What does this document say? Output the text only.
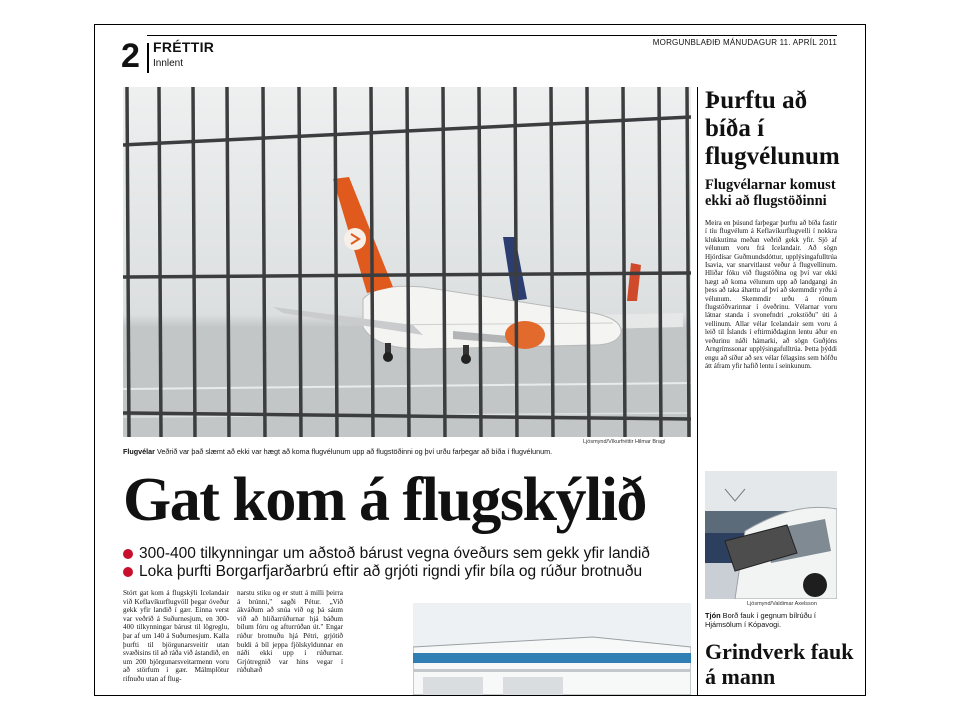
2 FRÉTTIR
Innlent
MORGUNBLAÐIÐ MÁNUDAGUR 11. APRÍL 2011
Ljósmynd/Víkurfréttir Hilmar Bragi
Flugvélar Veðrið var það slæmt að ekki var hægt að koma flugvélunum upp að flugstöðinni og því urðu farþegar að bíða í flugvélunum.
Gat kom á flugskýlið
300-400 tilkynningar um aðstoð bárust vegna óveðurs sem gekk yfir landið
Loka þurfti Borgarfjarðarbrú eftir að grjóti rigndi yfir bíla og rúður brotnuðu
Stórt gat kom á flugskýli Icelandair við Keflavíkurflugvöll þegar óveður gekk yfir landið í gær. Einna verst var veðrið á Suðurnesjum, en 300-400 tilkynningar bárust til lögreglu, þar af um 140 á Suðurnesjum. Kalla þurfti til björgunarsveitir utan svæðisins til að ráða við ástandið, en um 200 björgunarsveitarmenn voru að störfum í gær. Málmplötur rifnuðu utan af flug-
narstu stiku og er stutt á milli þeirra á brúnni," sagði Pétur. „Við ákváðum að snúa við og þá sáum við að hliðarrúðurnar hjá báðum bílum fóru og afturrúðan út." Engar rúður brotnuðu hjá Pétri, grjótið buldi á bíl jeppa fjölskyldunnar en náði ekki upp í rúðurnar. Grjótregnið var hins vegar í rúðuhæð
Þurftu að bíða í flugvélunum
Flugvélarnar komust ekki að flugstöðinni
Meira en þúsund farþegar þurftu að bíða fastir í tíu flugvélum á Keflavíkurflugvelli í nokkra klukkutíma meðan veðrið gekk yfir. Sjö af vélunum voru frá Icelandair. Að sögn Hjördísar Guðmundsdóttur, upplýsingafulltrúa Isavia, var snarvitlaust veður á flugvellinum. Hliðar fóku við flugstöðina og því var ekki hægt að koma vélunum upp að landgangi án þess að taka áhættu af því að skemmdir yrðu á vélunum. Skemmdir urðu á rönum flugstöðvarinnar í óveðrinu. Vélarnar voru látnar standa í svonefndri „rokstöðu" úti á vellinum. Allar vélar Icelandair sem voru á leið til Íslands í eftirmiðdaginn lentu áður en veðurinu náði hámarki, að sögn Guðjóns Arngrímssonar upplýsingafulltrúa. Þetta þýddi engu að síður að sex vélar félagsins sem höfðu átt áfram yfir hafið lentu í seinkunum.
Ljósmynd/Valdimar Axelsson
Tjón Borð fauk í gegnum bílrúðu í Hjámsölum í Kópavogi.
Grindverk fauk á mann
